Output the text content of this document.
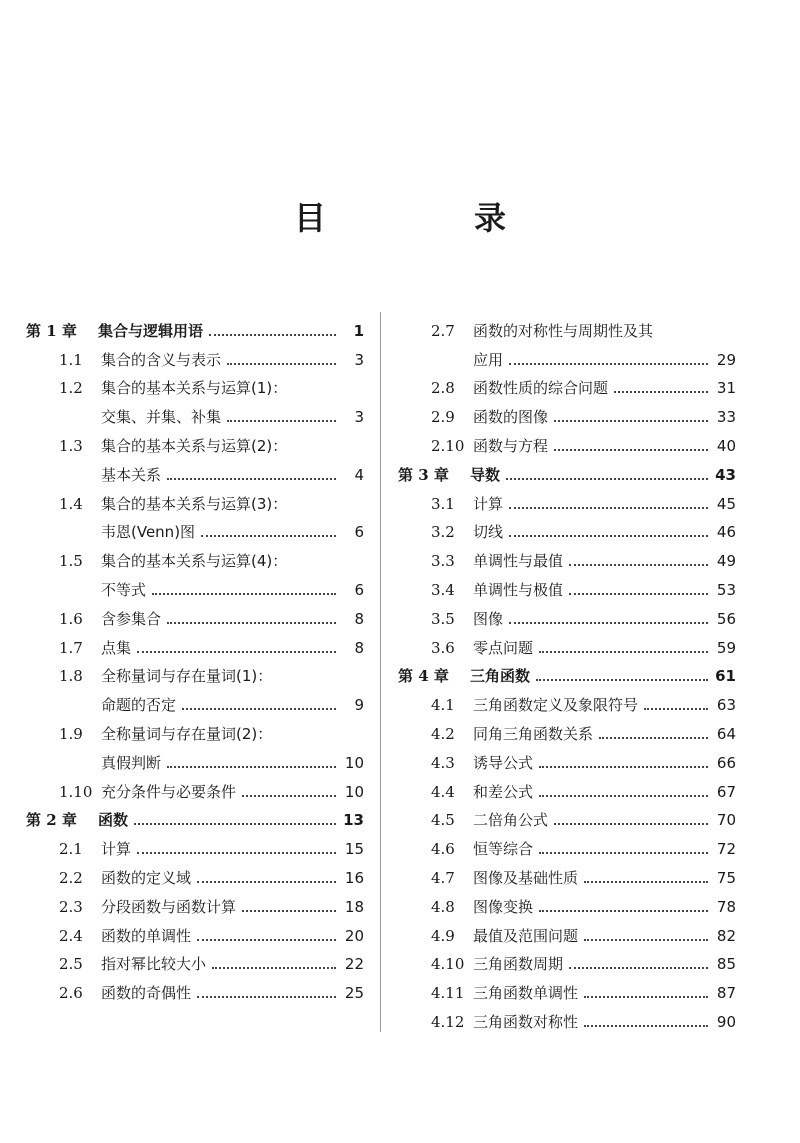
目　录
第 1 章	集合与逻辑用语	1
1.1	集合的含义与表示	3
1.2	集合的基本关系与运算(1)：
交集、并集、补集	3
1.3	集合的基本关系与运算(2)：
基本关系	4
1.4	集合的基本关系与运算(3)：
韦恩(Venn)图	6
1.5	集合的基本关系与运算(4)：
不等式	6
1.6	含参集合	8
1.7	点集	8
1.8	全称量词与存在量词(1)：
命题的否定	9
1.9	全称量词与存在量词(2)：
真假判断	10
1.10 充分条件与必要条件	10
第 2 章	函数	13
2.1	计算	15
2.2	函数的定义域	16
2.3	分段函数与函数计算	18
2.4	函数的单调性	20
2.5	指对幂比较大小	22
2.6	函数的奇偶性	25
2.7	函数的对称性与周期性及其
应用	29
2.8	函数性质的综合问题	31
2.9	函数的图像	33
2.10 函数与方程	40
第 3 章	导数	43
3.1	计算	45
3.2	切线	46
3.3	单调性与最值	49
3.4	单调性与极值	53
3.5	图像	56
3.6	零点问题	59
第 4 章	三角函数	61
4.1	三角函数定义及象限符号	63
4.2	同角三角函数关系	64
4.3	诱导公式	66
4.4	和差公式	67
4.5	二倍角公式	70
4.6	恒等综合	72
4.7	图像及基础性质	75
4.8	图像变换	78
4.9	最值及范围问题	82
4.10 三角函数周期	85
4.11 三角函数单调性	87
4.12 三角函数对称性	90
